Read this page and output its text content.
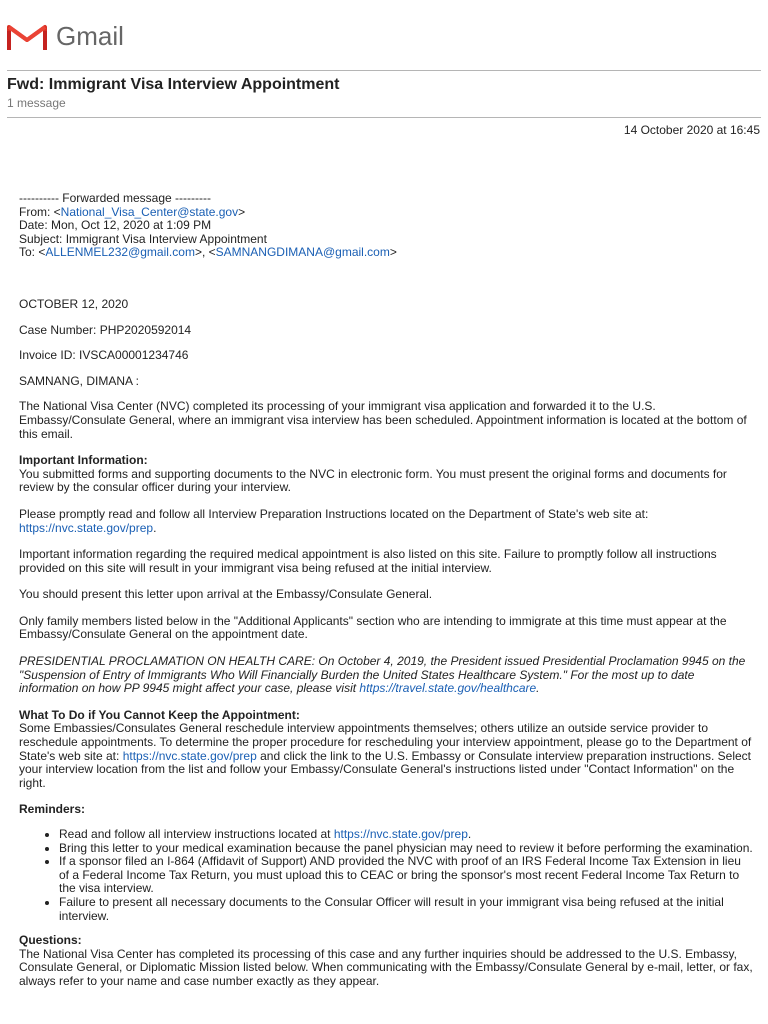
Gmail
Fwd: Immigrant Visa Interview Appointment
1 message
14 October 2020 at 16:45

---------- Forwarded message ---------

From: <National_Visa_Center@state.gov>

Date: Mon, Oct 12, 2020 at 1:09 PM

Subject: Immigrant Visa Interview Appointment

To: <ALLENMEL232@gmail.com>, <SAMNANGDIMANA@gmail.com>

OCTOBER 12, 2020

Case Number: PHP2020592014

Invoice ID: IVSCA00001234746

SAMNANG, DIMANA :

The National Visa Center (NVC) completed its processing of your immigrant visa application and forwarded it to the U.S. Embassy/Consulate General, where an immigrant visa interview has been scheduled. Appointment information is located at the bottom of this email.

Important Information:

You submitted forms and supporting documents to the NVC in electronic form. You must present the original forms and documents for review by the consular officer during your interview.

Please promptly read and follow all Interview Preparation Instructions located on the Department of State's web site at: https://nvc.state.gov/prep.

Important information regarding the required medical appointment is also listed on this site. Failure to promptly follow all instructions provided on this site will result in your immigrant visa being refused at the initial interview.

You should present this letter upon arrival at the Embassy/Consulate General.

Only family members listed below in the "Additional Applicants" section who are intending to immigrate at this time must appear at the Embassy/Consulate General on the appointment date.

PRESIDENTIAL PROCLAMATION ON HEALTH CARE: On October 4, 2019, the President issued Presidential Proclamation 9945 on the "Suspension of Entry of Immigrants Who Will Financially Burden the United States Healthcare System." For the most up to date information on how PP 9945 might affect your case, please visit https://travel.state.gov/healthcare.

What To Do if You Cannot Keep the Appointment:

Some Embassies/Consulates General reschedule interview appointments themselves; others utilize an outside service provider to reschedule appointments. To determine the proper procedure for rescheduling your interview appointment, please go to the Department of State's web site at: https://nvc.state.gov/prep and click the link to the U.S. Embassy or Consulate interview preparation instructions. Select your interview location from the list and follow your Embassy/Consulate General's instructions listed under "Contact Information" on the right.

Reminders:

• Read and follow all interview instructions located at https://nvc.state.gov/prep.
• Bring this letter to your medical examination because the panel physician may need to review it before performing the examination.
• If a sponsor filed an I-864 (Affidavit of Support) AND provided the NVC with proof of an IRS Federal Income Tax Extension in lieu of a Federal Income Tax Return, you must upload this to CEAC or bring the sponsor's most recent Federal Income Tax Return to the visa interview.
• Failure to present all necessary documents to the Consular Officer will result in your immigrant visa being refused at the initial interview.

Questions:

The National Visa Center has completed its processing of this case and any further inquiries should be addressed to the U.S. Embassy, Consulate General, or Diplomatic Mission listed below. When communicating with the Embassy/Consulate General by e-mail, letter, or fax, always refer to your name and case number exactly as they appear.
